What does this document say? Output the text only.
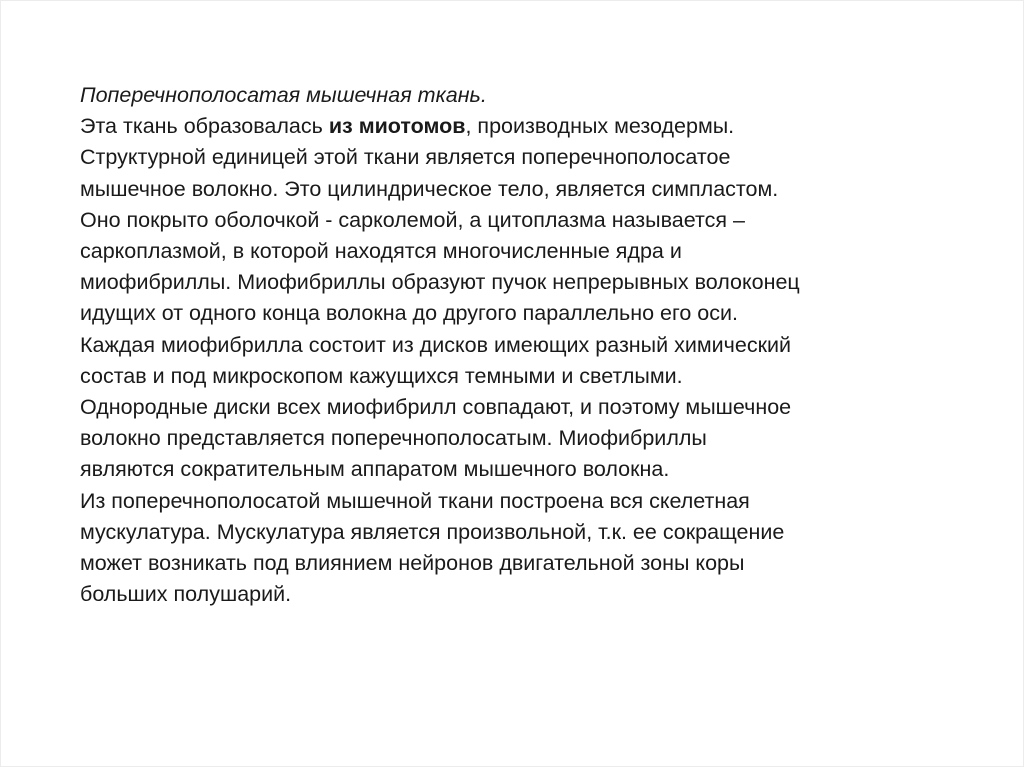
Поперечнополосатая мышечная ткань.
Эта ткань образовалась из миотомов, производных мезодермы.
Структурной единицей этой ткани является поперечнополосатое
мышечное волокно. Это цилиндрическое тело, является симпластом.
Оно покрыто оболочкой - сарколемой, а цитоплазма называется –
саркоплазмой, в которой находятся многочисленные ядра и
миофибриллы. Миофибриллы образуют пучок непрерывных волоконец
идущих от одного конца волокна до другого параллельно его оси.
Каждая миофибрилла состоит из дисков имеющих разный химический
состав и под микроскопом кажущихся темными и светлыми.
Однородные диски всех миофибрилл совпадают, и поэтому мышечное
волокно представляется поперечнополосатым. Миофибриллы
являются сократительным аппаратом мышечного волокна.
Из поперечнополосатой мышечной ткани построена вся скелетная
мускулатура. Мускулатура является произвольной, т.к. ее сокращение
может возникать под влиянием нейронов двигательной зоны коры
больших полушарий.
